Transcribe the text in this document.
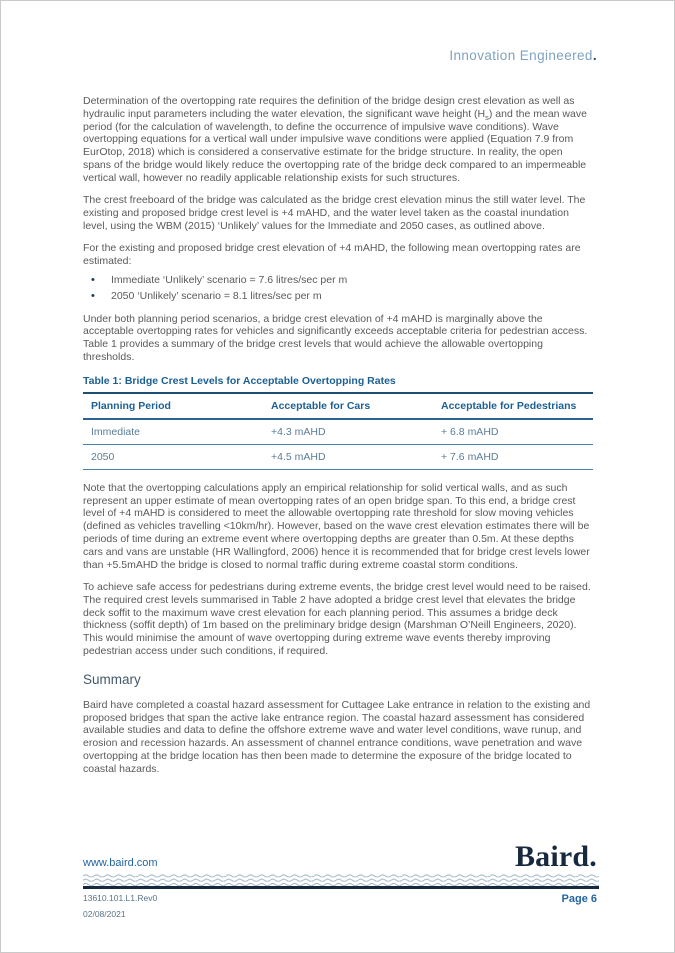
Innovation Engineered.

Determination of the overtopping rate requires the definition of the bridge design crest elevation as well as hydraulic input parameters including the water elevation, the significant wave height $(H_s)$ and the mean wave period (for the calculation of wavelength, to define the occurrence of impulsive wave conditions). Wave overtopping equations for a vertical wall under impulsive wave conditions were applied (Equation 7.9 from EurOtop, 2018) which is considered a conservative estimate for the bridge structure. In reality, the open spans of the bridge would likely reduce the overtopping rate of the bridge deck compared to an impermeable vertical wall, however no readily applicable relationship exists for such structures.

The crest freeboard of the bridge was calculated as the bridge crest elevation minus the still water level. The existing and proposed bridge crest level is +4 mAHD, and the water level taken as the coastal inundation level, using the WBM (2015) ‘Unlikely’ values for the Immediate and 2050 cases, as outlined above.

For the existing and proposed bridge crest elevation of +4 mAHD, the following mean overtopping rates are estimated:

• Immediate ‘Unlikely’ scenario = 7.6 litres/sec per m
• 2050 ‘Unlikely’ scenario = 8.1 litres/sec per m

Under both planning period scenarios, a bridge crest elevation of +4 mAHD is marginally above the acceptable overtopping rates for vehicles and significantly exceeds acceptable criteria for pedestrian access. Table 1 provides a summary of the bridge crest levels that would achieve the allowable overtopping thresholds.

Table 1: Bridge Crest Levels for Acceptable Overtopping Rates
Planning Period	Acceptable for Cars	Acceptable for Pedestrians
Immediate	+4.3 mAHD	+ 6.8 mAHD
2050	+4.5 mAHD	+ 7.6 mAHD

Note that the overtopping calculations apply an empirical relationship for solid vertical walls, and as such represent an upper estimate of mean overtopping rates of an open bridge span. To this end, a bridge crest level of +4 mAHD is considered to meet the allowable overtopping rate threshold for slow moving vehicles (defined as vehicles travelling <10km/hr). However, based on the wave crest elevation estimates there will be periods of time during an extreme event where overtopping depths are greater than 0.5m. At these depths cars and vans are unstable (HR Wallingford, 2006) hence it is recommended that for bridge crest levels lower than +5.5mAHD the bridge is closed to normal traffic during extreme coastal storm conditions.

To achieve safe access for pedestrians during extreme events, the bridge crest level would need to be raised. The required crest levels summarised in Table 2 have adopted a bridge crest level that elevates the bridge deck soffit to the maximum wave crest elevation for each planning period. This assumes a bridge deck thickness (soffit depth) of 1m based on the preliminary bridge design (Marshman O’Neill Engineers, 2020). This would minimise the amount of wave overtopping during extreme wave events thereby improving pedestrian access under such conditions, if required.

Summary

Baird have completed a coastal hazard assessment for Cuttagee Lake entrance in relation to the existing and proposed bridges that span the active lake entrance region. The coastal hazard assessment has considered available studies and data to define the offshore extreme wave and water level conditions, wave runup, and erosion and recession hazards. An assessment of channel entrance conditions, wave penetration and wave overtopping at the bridge location has then been made to determine the exposure of the bridge located to coastal hazards.

www.baird.com	Baird.
13610.101.L1.Rev0	Page 6
02/08/2021
